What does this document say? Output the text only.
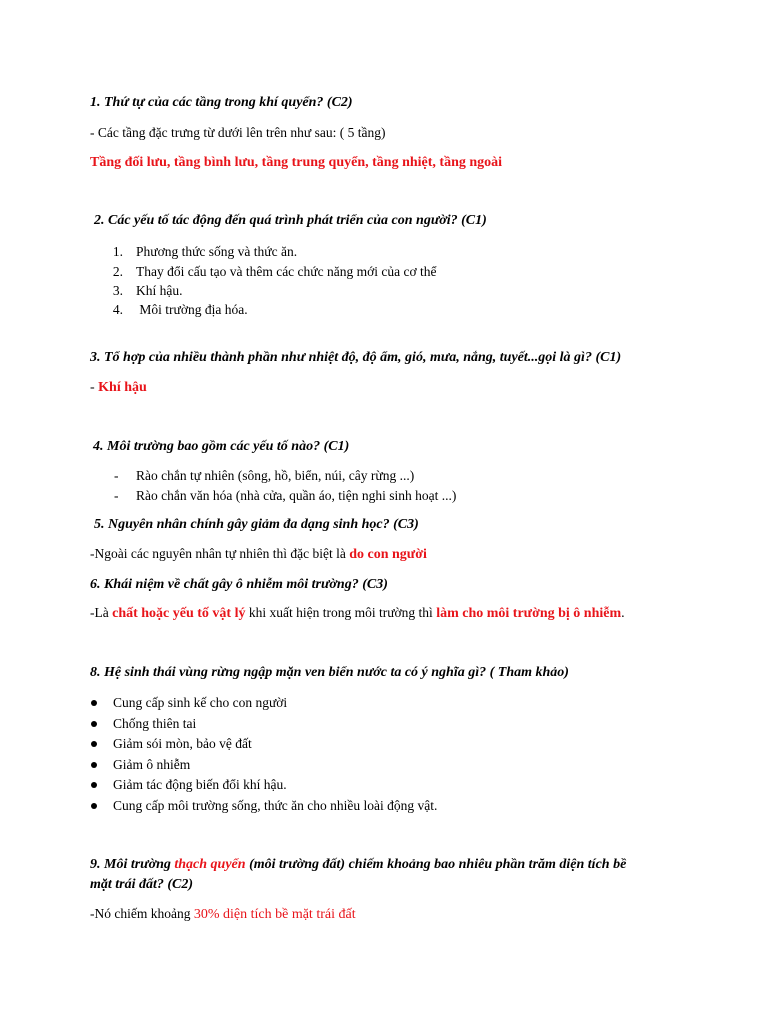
1. Thứ tự của các tầng trong khí quyển? (C2)
- Các tầng đặc trưng từ dưới lên trên như sau: ( 5 tầng)
Tầng đối lưu, tầng bình lưu, tầng trung quyển, tầng nhiệt, tầng ngoài
2. Các yếu tố tác động đến quá trình phát triển của con người? (C1)
1. Phương thức sống và thức ăn.
2. Thay đổi cấu tạo và thêm các chức năng mới của cơ thể
3. Khí hậu.
4. Môi trường địa hóa.
3. Tổ hợp của nhiều thành phần như nhiệt độ, độ ẩm, gió, mưa, nắng, tuyết...gọi là gì? (C1)
- Khí hậu
4. Môi trường bao gồm các yếu tố nào? (C1)
- Rào chắn tự nhiên (sông, hồ, biển, núi, cây rừng ...)
- Rào chắn văn hóa (nhà cửa, quần áo, tiện nghi sinh hoạt ...)
5. Nguyên nhân chính gây giảm đa dạng sinh học? (C3)
-Ngoài các nguyên nhân tự nhiên thì đặc biệt là do con người
6. Khái niệm về chất gây ô nhiễm môi trường? (C3)
-Là chất hoặc yếu tố vật lý khi xuất hiện trong môi trường thì làm cho môi trường bị ô nhiễm.
8. Hệ sinh thái vùng rừng ngập mặn ven biển nước ta có ý nghĩa gì? ( Tham khảo)
Cung cấp sinh kế cho con người
Chống thiên tai
Giảm sói mòn, bảo vệ đất
Giảm ô nhiễm
Giảm tác động biến đổi khí hậu.
Cung cấp môi trường sống, thức ăn cho nhiều loài động vật.
9. Môi trường thạch quyển (môi trường đất) chiếm khoảng bao nhiêu phần trăm diện tích bề
mặt trái đất? (C2)
-Nó chiếm khoảng 30% diện tích bề mặt trái đất
